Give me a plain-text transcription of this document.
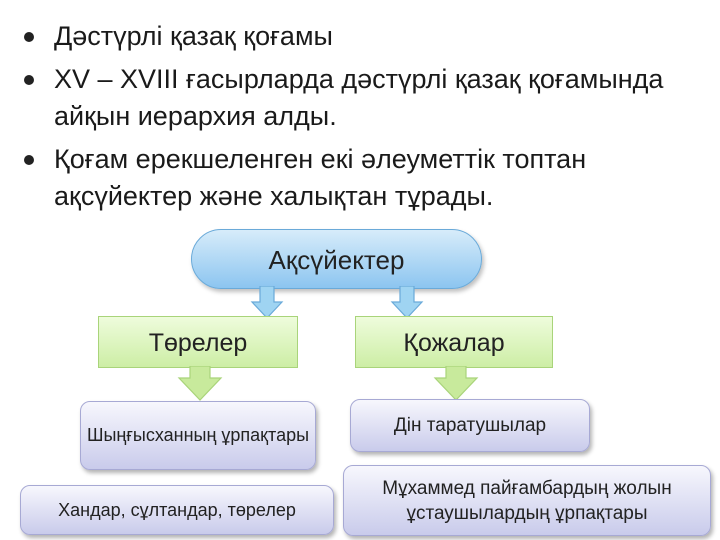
Дәстүрлі қазақ қоғамы
XV – XVIII ғасырларда дәстүрлі қазақ қоғамында айқын иерархия алды.
Қоғам ерекшеленген екі әлеуметтік топтан ақсүйектер және халықтан тұрады.
Ақсүйектер
Төрелер	Қожалар
Шыңғысханның ұрпақтары	Дін таратушылар
Хандар, сұлтандар, төрелер
Мұхаммед пайғамбардың жолын ұстаушылардың ұрпақтары
